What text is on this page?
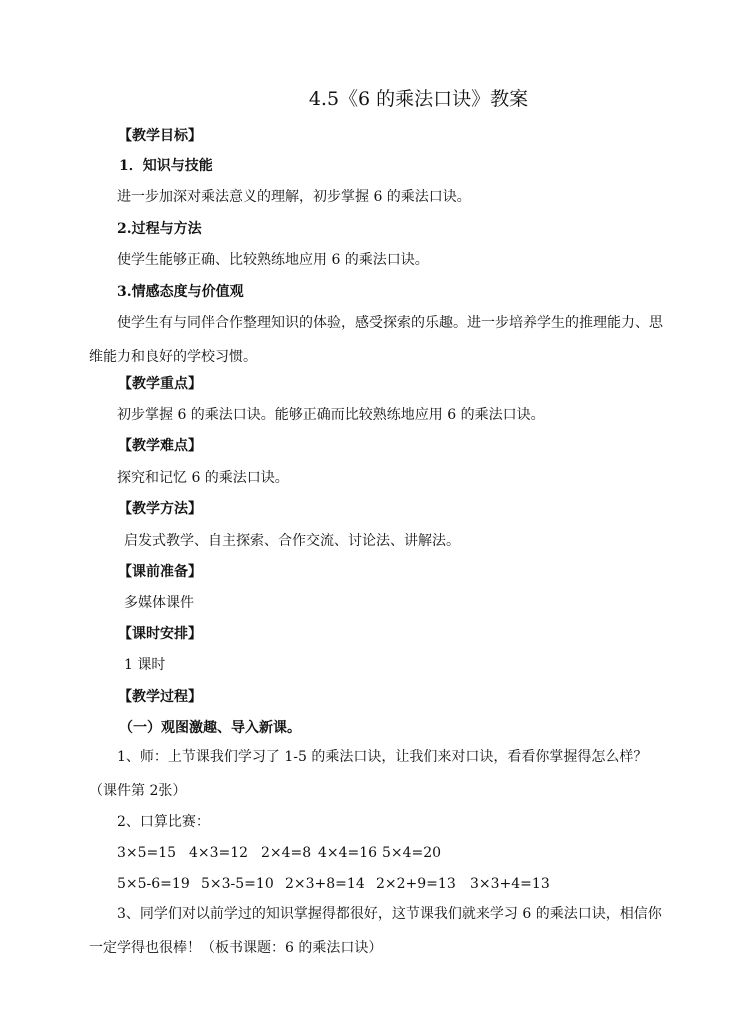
4.5《6 的乘法口诀》教案
【教学目标】
1．知识与技能
进一步加深对乘法意义的理解，初步掌握 6 的乘法口诀。
2.过程与方法
使学生能够正确、比较熟练地应用 6 的乘法口诀。
3.情感态度与价值观
使学生有与同伴合作整理知识的体验，感受探索的乐趣。进一步培养学生的推理能力、思维能力和良好的学校习惯。
【教学重点】
初步掌握 6 的乘法口诀。能够正确而比较熟练地应用 6 的乘法口诀。
【教学难点】
探究和记忆 6 的乘法口诀。
【教学方法】
启发式教学、自主探索、合作交流、讨论法、讲解法。
【课前准备】
多媒体课件
【课时安排】
1 课时
【教学过程】
（一）观图激趣、导入新课。
1、师：上节课我们学习了 1-5 的乘法口诀，让我们来对口诀，看看你掌握得怎么样？（课件第 2张）
2、口算比赛：
3×5=15 4×3=12 2×4=8 4×4=16 5×4=20
5×5-6=19 5×3-5=10 2×3+8=14 2×2+9=13 3×3+4=13
3、同学们对以前学过的知识掌握得都很好，这节课我们就来学习 6 的乘法口诀，相信你一定学得也很棒！（板书课题：6 的乘法口诀）
